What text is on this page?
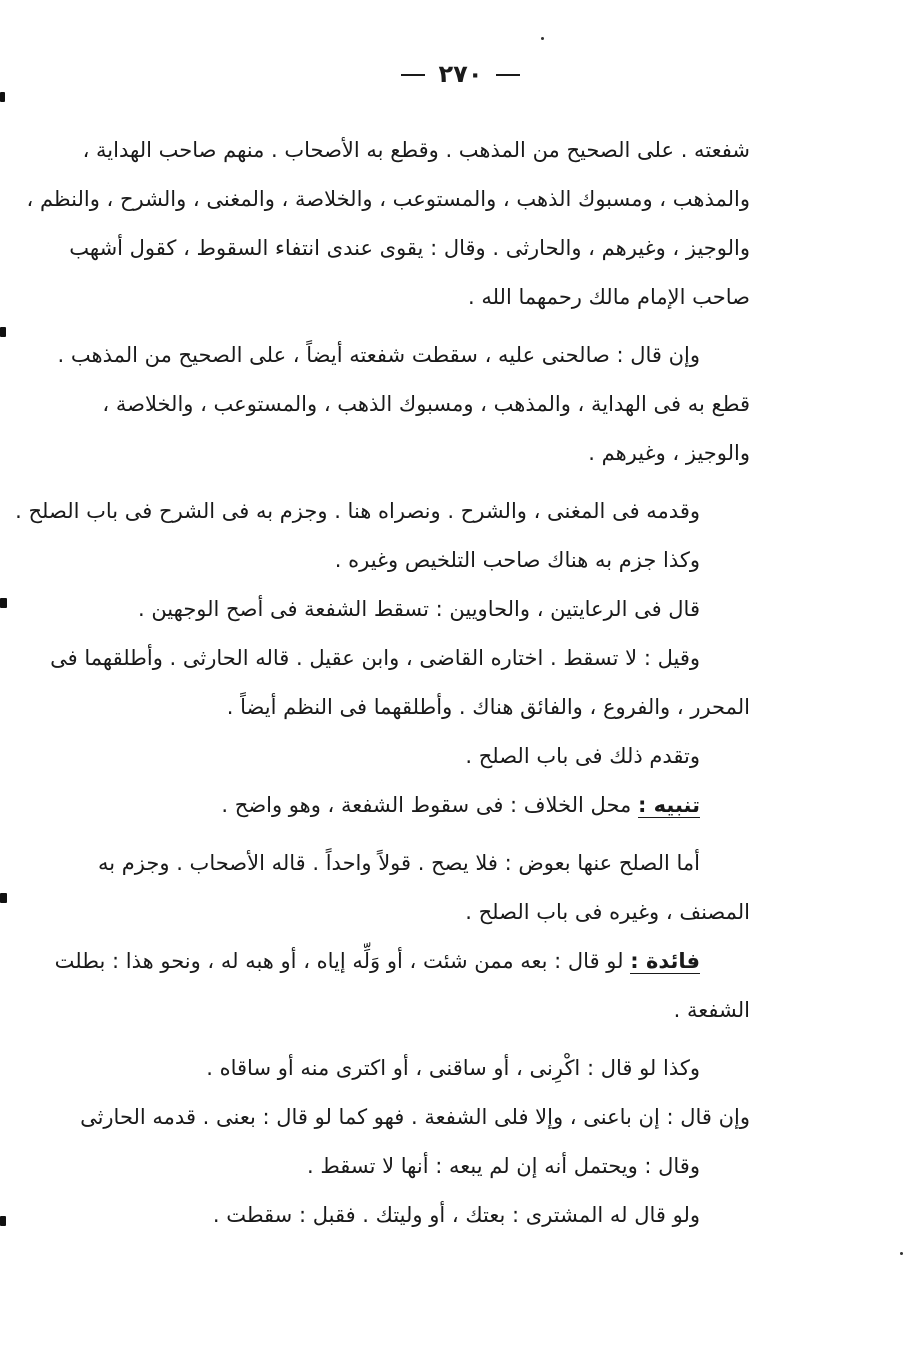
٢٧٠
شفعته . على الصحيح من المذهب . وقطع به الأصحاب . منهم صاحب الهداية ،
والمذهب ، ومسبوك الذهب ، والمستوعب ، والخلاصة ، والمغنى ، والشرح ، والنظم ،
والوجيز ، وغيرهم ، والحارثى . وقال : يقوى عندى انتفاء السقوط ، كقول أشهب
صاحب الإمام مالك رحمهما الله .
وإن قال : صالحنى عليه ، سقطت شفعته أيضاً ، على الصحيح من المذهب .
قطع به فى الهداية ، والمذهب ، ومسبوك الذهب ، والمستوعب ، والخلاصة ،
والوجيز ، وغيرهم .
وقدمه فى المغنى ، والشرح . ونصراه هنا . وجزم به فى الشرح فى باب الصلح .
وكذا جزم به هناك صاحب التلخيص وغيره .
قال فى الرعايتين ، والحاويين : تسقط الشفعة فى أصح الوجهين .
وقيل : لا تسقط . اختاره القاضى ، وابن عقيل . قاله الحارثى . وأطلقهما فى
المحرر ، والفروع ، والفائق هناك . وأطلقهما فى النظم أيضاً .
وتقدم ذلك فى باب الصلح .
تنبيه : محل الخلاف : فى سقوط الشفعة ، وهو واضح .
أما الصلح عنها بعوض : فلا يصح . قولاً واحداً . قاله الأصحاب . وجزم به
المصنف ، وغيره فى باب الصلح .
فائدة : لو قال : بعه ممن شئت ، أو وَلِّه إياه ، أو هبه له ، ونحو هذا : بطلت
الشفعة .
وكذا لو قال : اكْرِنى ، أو ساقنى ، أو اكترى منه أو ساقاه .
وإن قال : إن باعنى ، وإلا فلى الشفعة . فهو كما لو قال : بعنى . قدمه الحارثى
وقال : ويحتمل أنه إن لم يبعه : أنها لا تسقط .
ولو قال له المشترى : بعتك ، أو وليتك . فقبل : سقطت .
